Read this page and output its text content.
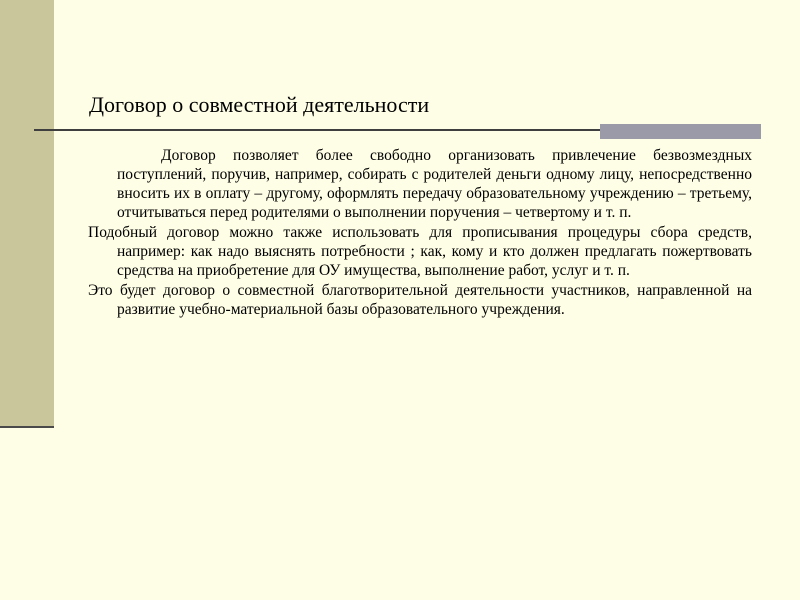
Договор о совместной деятельности

Договор позволяет более свободно организовать привлечение безвозмездных поступлений, поручив, например, собирать с родителей деньги одному лицу, непосредственно вносить их в оплату – другому, оформлять передачу образовательному учреждению – третьему, отчитываться перед родителями о выполнении поручения – четвертому и т. п.

Подобный договор можно также использовать для прописывания процедуры сбора средств, например: как надо выяснять потребности ; как, кому и кто должен предлагать пожертвовать средства на приобретение для ОУ имущества, выполнение работ, услуг и т. п.

Это будет договор о совместной благотворительной деятельности участников, направленной на развитие учебно-материальной базы образовательного учреждения.
